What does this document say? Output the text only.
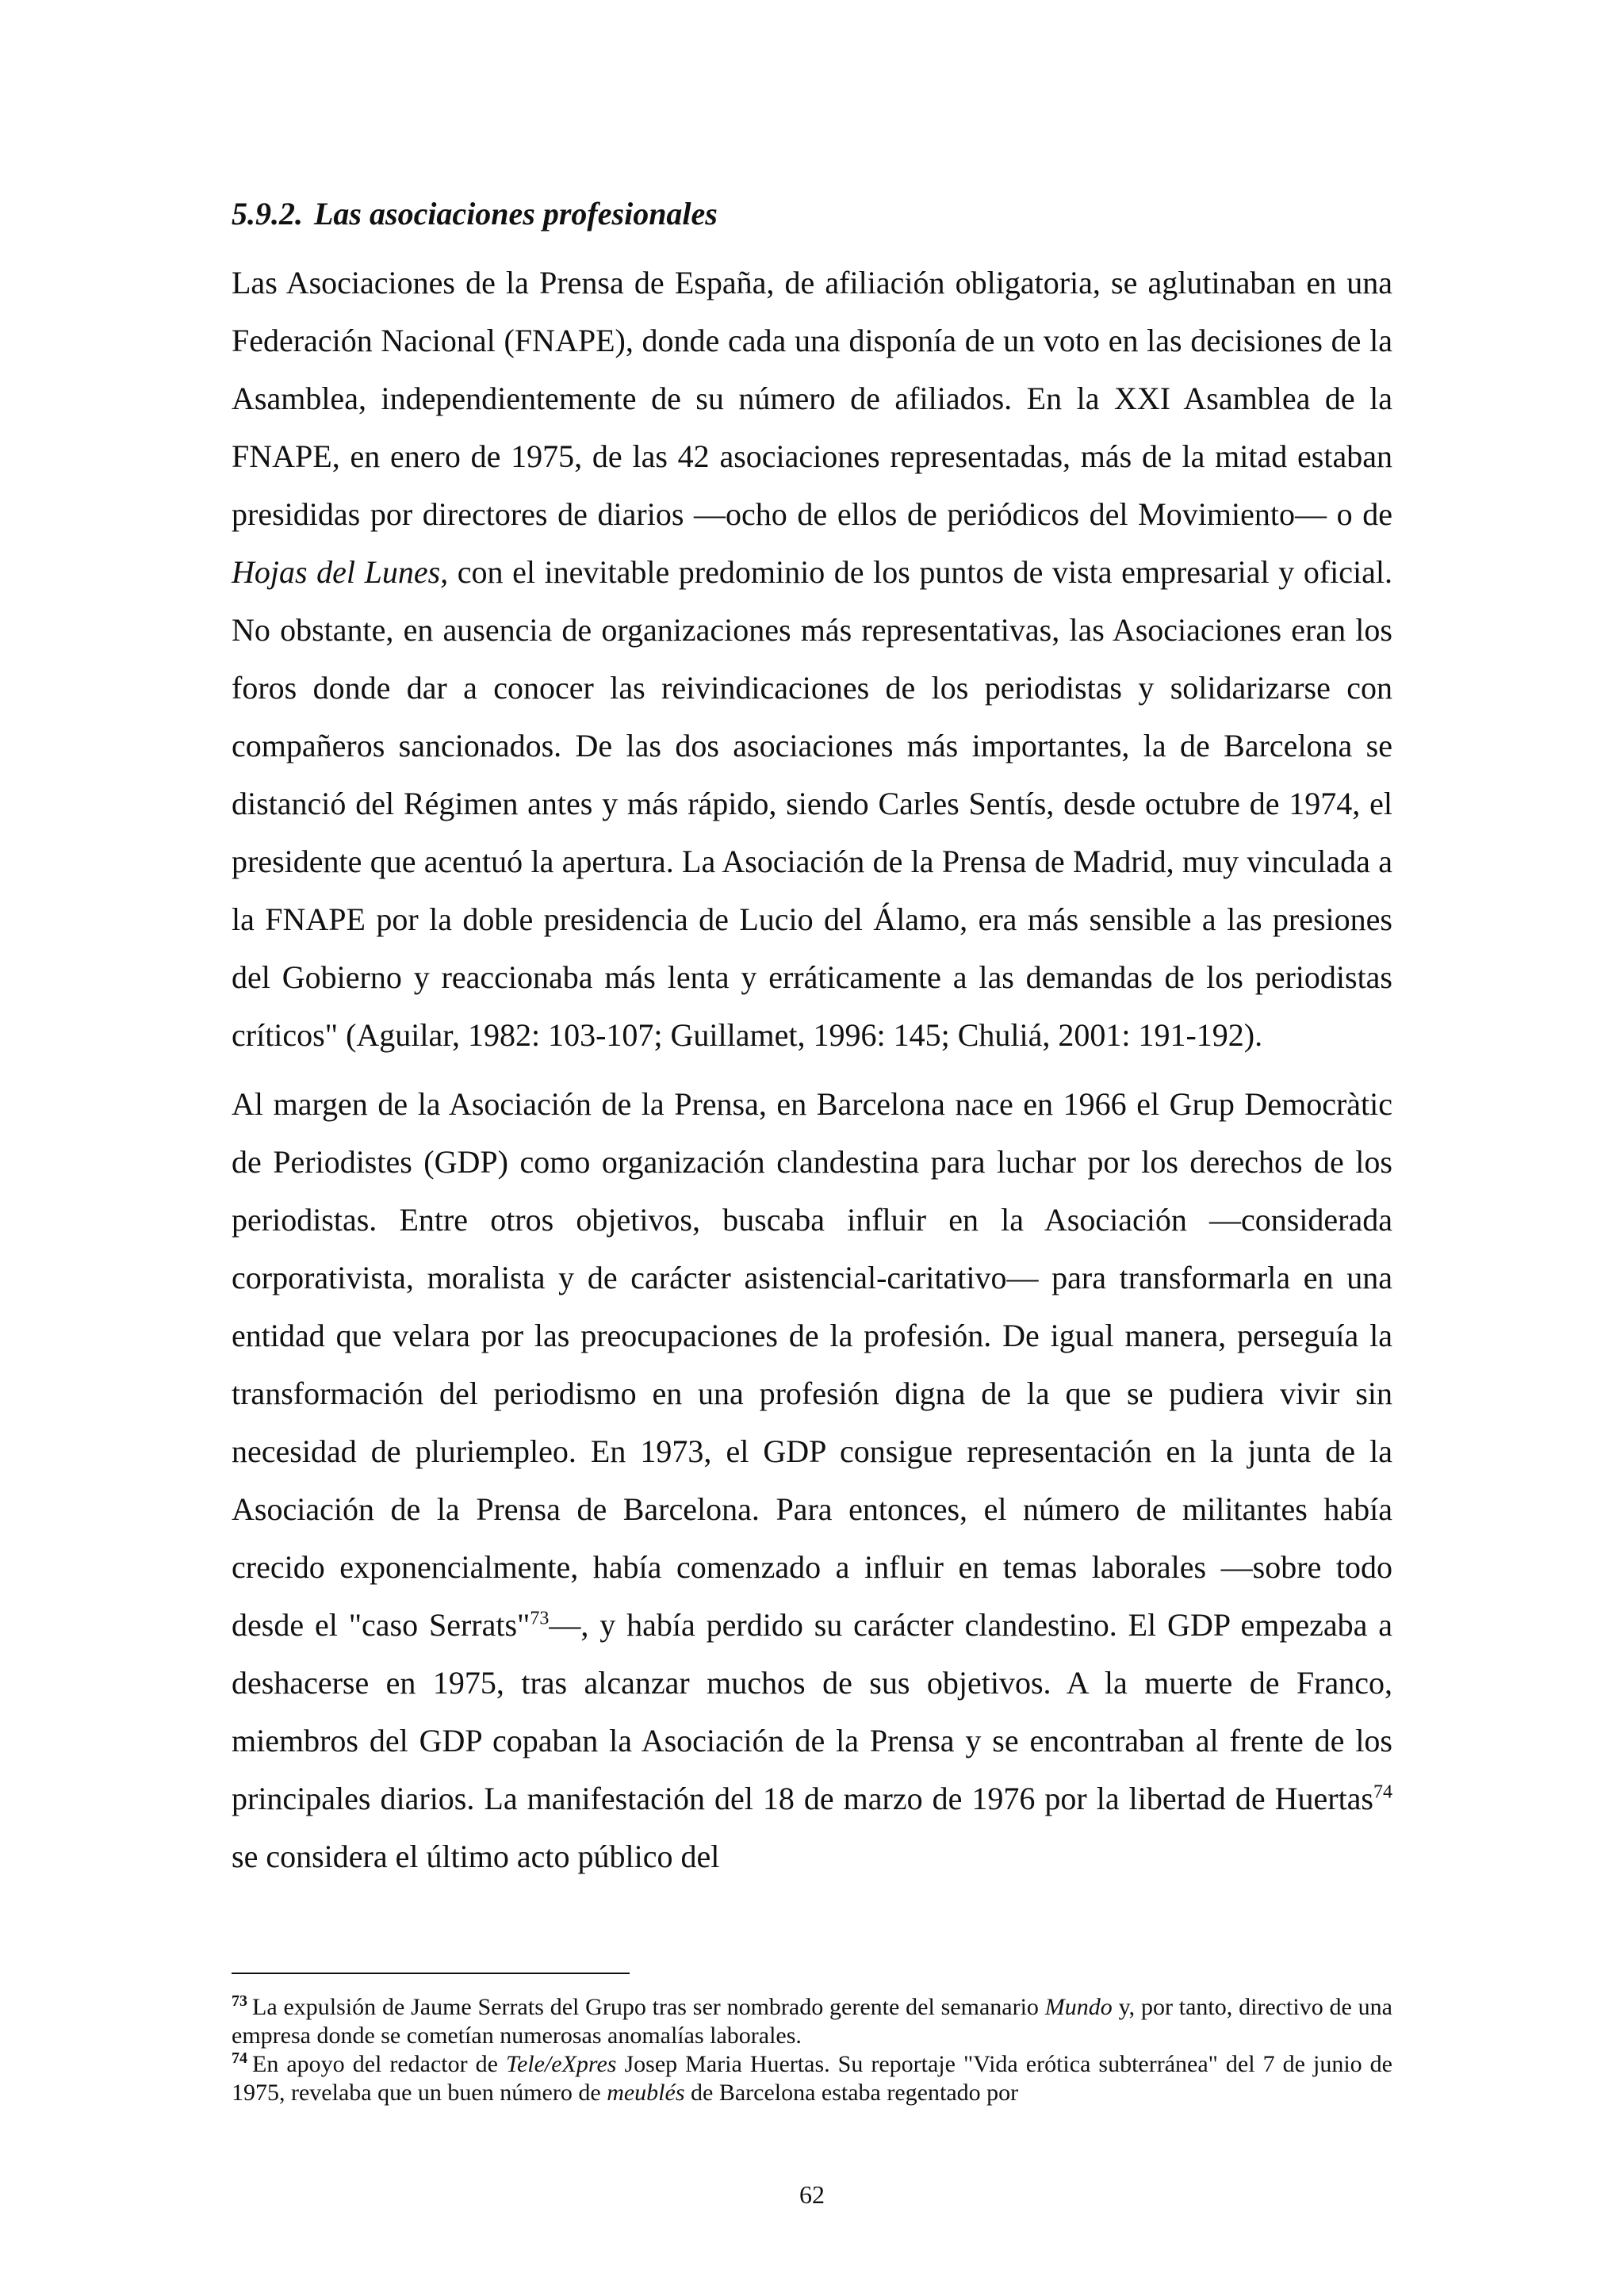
5.9.2. Las asociaciones profesionales

Las Asociaciones de la Prensa de España, de afiliación obligatoria, se aglutinaban en una Federación Nacional (FNAPE), donde cada una disponía de un voto en las decisiones de la Asamblea, independientemente de su número de afiliados. En la XXI Asamblea de la FNAPE, en enero de 1975, de las 42 asociaciones representadas, más de la mitad estaban presididas por directores de diarios —ocho de ellos de periódicos del Movimiento— o de Hojas del Lunes, con el inevitable predominio de los puntos de vista empresarial y oficial. No obstante, en ausencia de organizaciones más representativas, las Asociaciones eran los foros donde dar a conocer las reivindicaciones de los periodistas y solidarizarse con compañeros sancionados. De las dos asociaciones más importantes, la de Barcelona se distanció del Régimen antes y más rápido, siendo Carles Sentís, desde octubre de 1974, el presidente que acentuó la apertura. La Asociación de la Prensa de Madrid, muy vinculada a la FNAPE por la doble presidencia de Lucio del Álamo, era más sensible a las presiones del Gobierno y reaccionaba más lenta y erráticamente a las demandas de los periodistas críticos" (Aguilar, 1982: 103-107; Guillamet, 1996: 145; Chuliá, 2001: 191-192).

Al margen de la Asociación de la Prensa, en Barcelona nace en 1966 el Grup Democràtic de Periodistes (GDP) como organización clandestina para luchar por los derechos de los periodistas. Entre otros objetivos, buscaba influir en la Asociación —considerada corporativista, moralista y de carácter asistencial-caritativo— para transformarla en una entidad que velara por las preocupaciones de la profesión. De igual manera, perseguía la transformación del periodismo en una profesión digna de la que se pudiera vivir sin necesidad de pluriempleo. En 1973, el GDP consigue representación en la junta de la Asociación de la Prensa de Barcelona. Para entonces, el número de militantes había crecido exponencialmente, había comenzado a influir en temas laborales —sobre todo desde el "caso Serrats"$^{73}$—, y había perdido su carácter clandestino. El GDP empezaba a deshacerse en 1975, tras alcanzar muchos de sus objetivos. A la muerte de Franco, miembros del GDP copaban la Asociación de la Prensa y se encontraban al frente de los principales diarios. La manifestación del 18 de marzo de 1976 por la libertad de Huertas$^{74}$ se considera el último acto público del

$^{73}$ La expulsión de Jaume Serrats del Grupo tras ser nombrado gerente del semanario Mundo y, por tanto, directivo de una empresa donde se cometían numerosas anomalías laborales.

$^{74}$ En apoyo del redactor de Tele/eXpres Josep Maria Huertas. Su reportaje "Vida erótica subterránea" del 7 de junio de 1975, revelaba que un buen número de meublés de Barcelona estaba regentado por

62
